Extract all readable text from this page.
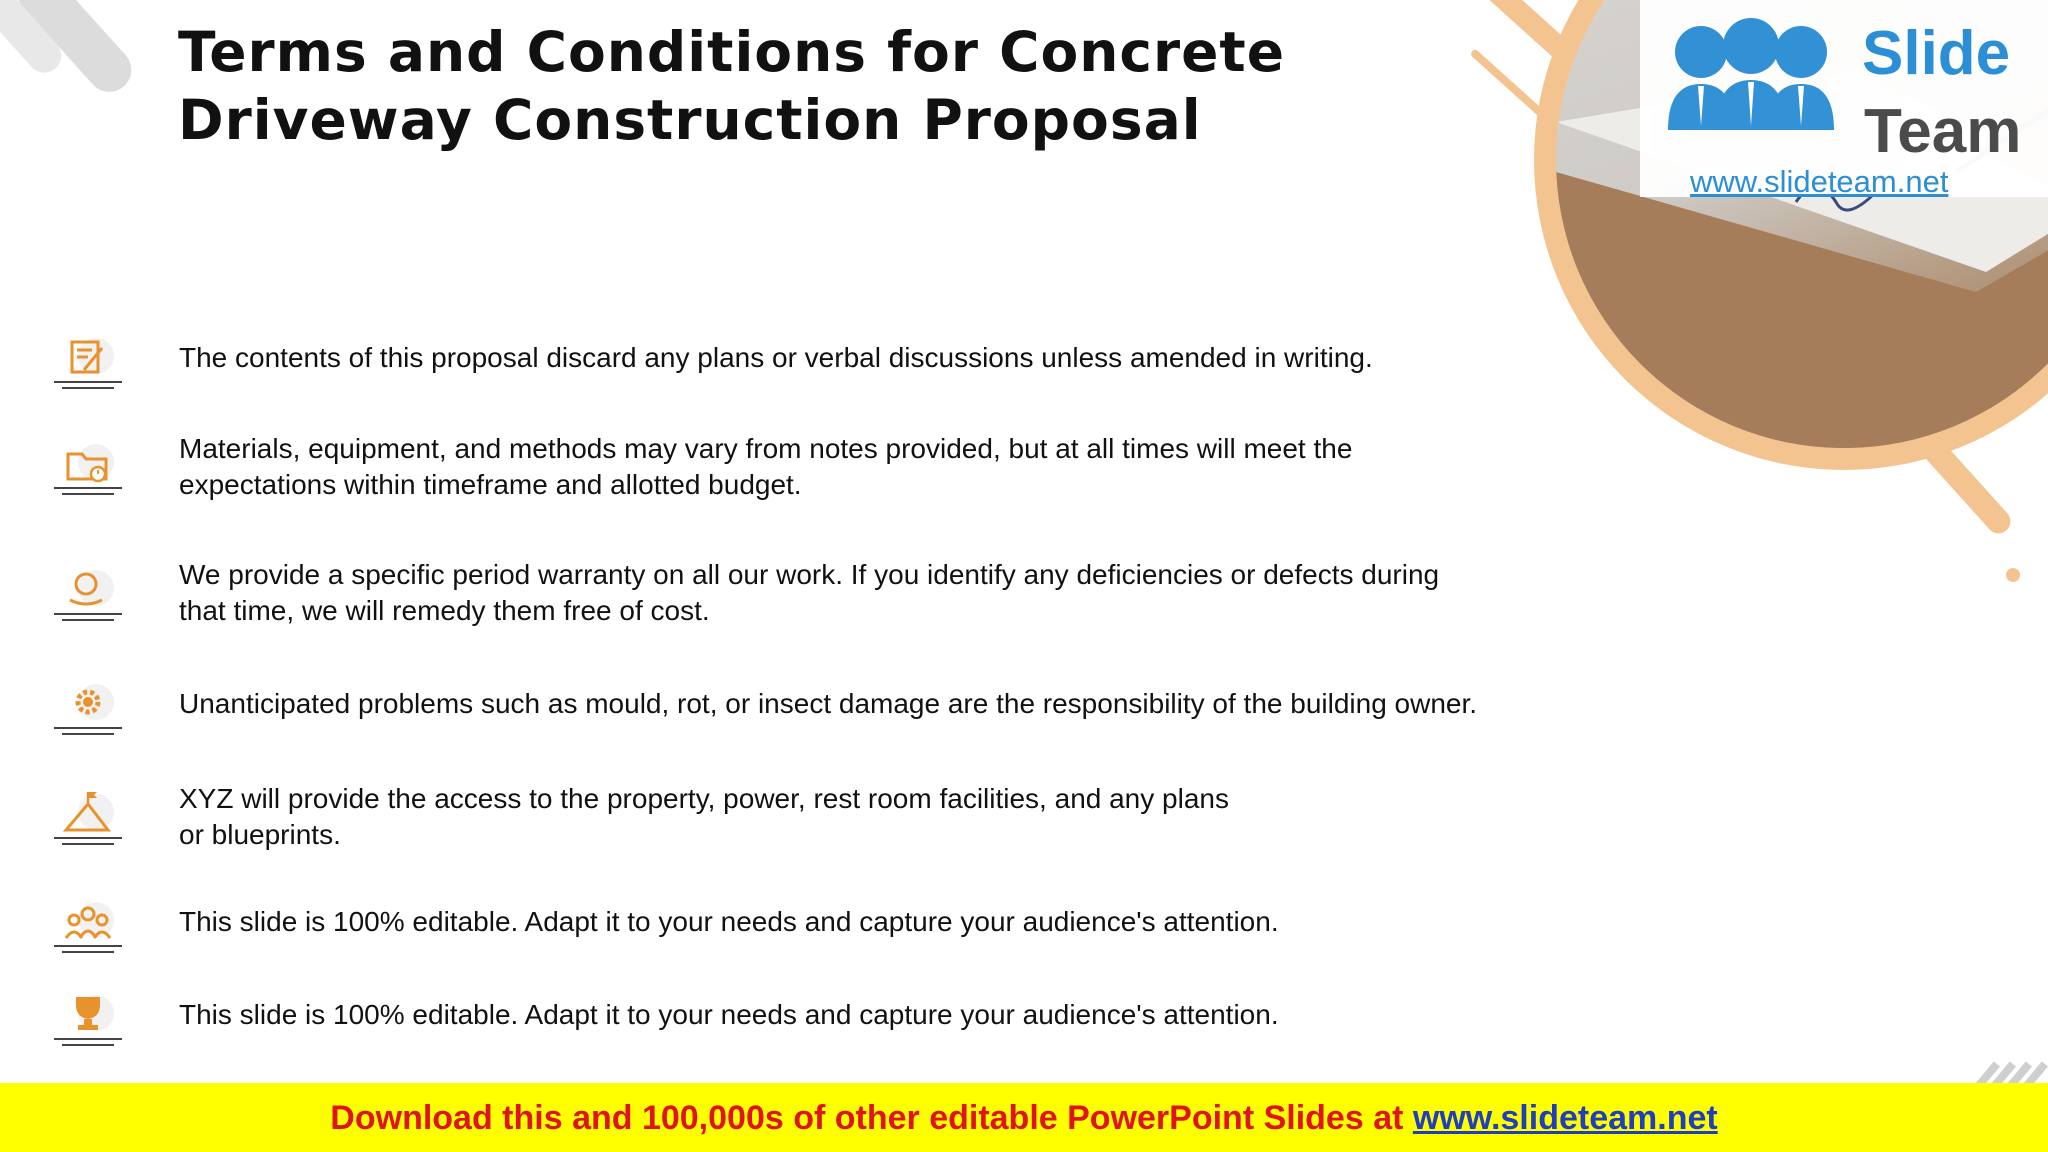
Terms and Conditions for Concrete Driveway Construction Proposal
The contents of this proposal discard any plans or verbal discussions unless amended in writing.
Materials, equipment, and methods may vary from notes provided, but at all times will meet the
expectations within timeframe and allotted budget.
We provide a specific period warranty on all our work. If you identify any deficiencies or defects during
that time, we will remedy them free of cost.
Unanticipated problems such as mould, rot, or insect damage are the responsibility of the building owner.
XYZ will provide the access to the property, power, rest room facilities, and any plans
or blueprints.
This slide is 100% editable. Adapt it to your needs and capture your audience's attention.
This slide is 100% editable. Adapt it to your needs and capture your audience's attention.
Slide
Team
www.slideteam.net
Download this and 100,000s of other editable PowerPoint Slides at www.slideteam.net
